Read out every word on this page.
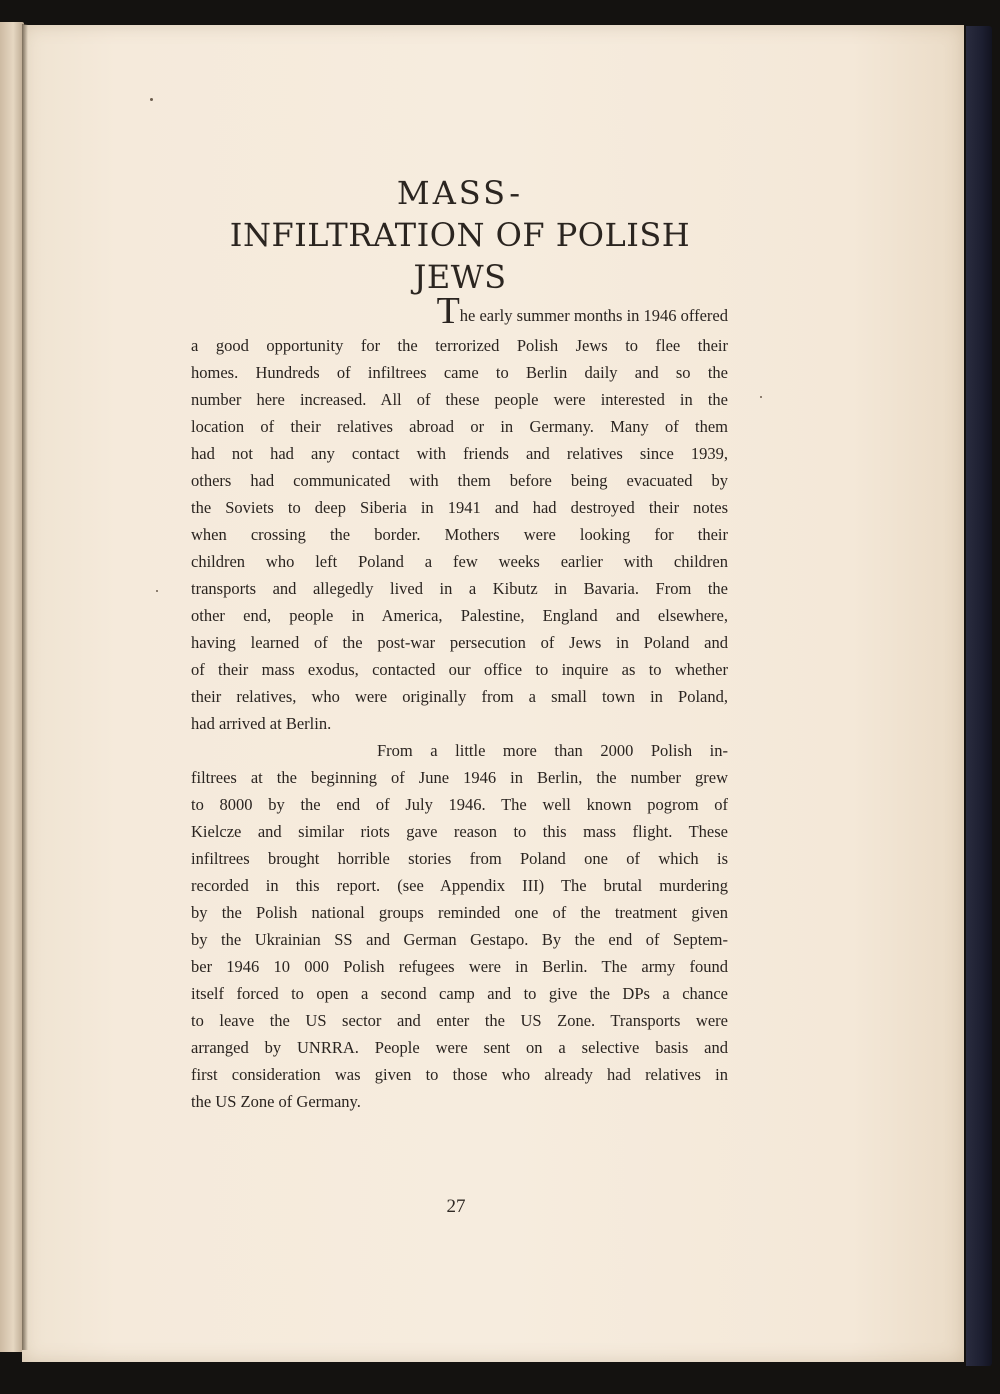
MASS-
INFILTRATION OF POLISH JEWS
The early summer months in 1946 offered
a good opportunity for the terrorized Polish Jews to flee their
homes. Hundreds of infiltrees came to Berlin daily and so the
number here increased. All of these people were interested in the
location of their relatives abroad or in Germany. Many of them
had not had any contact with friends and relatives since 1939,
others had communicated with them before being evacuated by
the Soviets to deep Siberia in 1941 and had destroyed their notes
when crossing the border. Mothers were looking for their
children who left Poland a few weeks earlier with children
transports and allegedly lived in a Kibutz in Bavaria. From the
other end, people in America, Palestine, England and elsewhere,
having learned of the post-war persecution of Jews in Poland and
of their mass exodus, contacted our office to inquire as to whether
their relatives, who were originally from a small town in Poland,
had arrived at Berlin.
From a little more than 2000 Polish in-
filtrees at the beginning of June 1946 in Berlin, the number grew
to 8000 by the end of July 1946. The well known pogrom of
Kielcze and similar riots gave reason to this mass flight. These
infiltrees brought horrible stories from Poland one of which is
recorded in this report. (see Appendix III) The brutal murdering
by the Polish national groups reminded one of the treatment given
by the Ukrainian SS and German Gestapo. By the end of Septem-
ber 1946 10 000 Polish refugees were in Berlin. The army found
itself forced to open a second camp and to give the DPs a chance
to leave the US sector and enter the US Zone. Transports were
arranged by UNRRA. People were sent on a selective basis and
first consideration was given to those who already had relatives in
the US Zone of Germany.
27
